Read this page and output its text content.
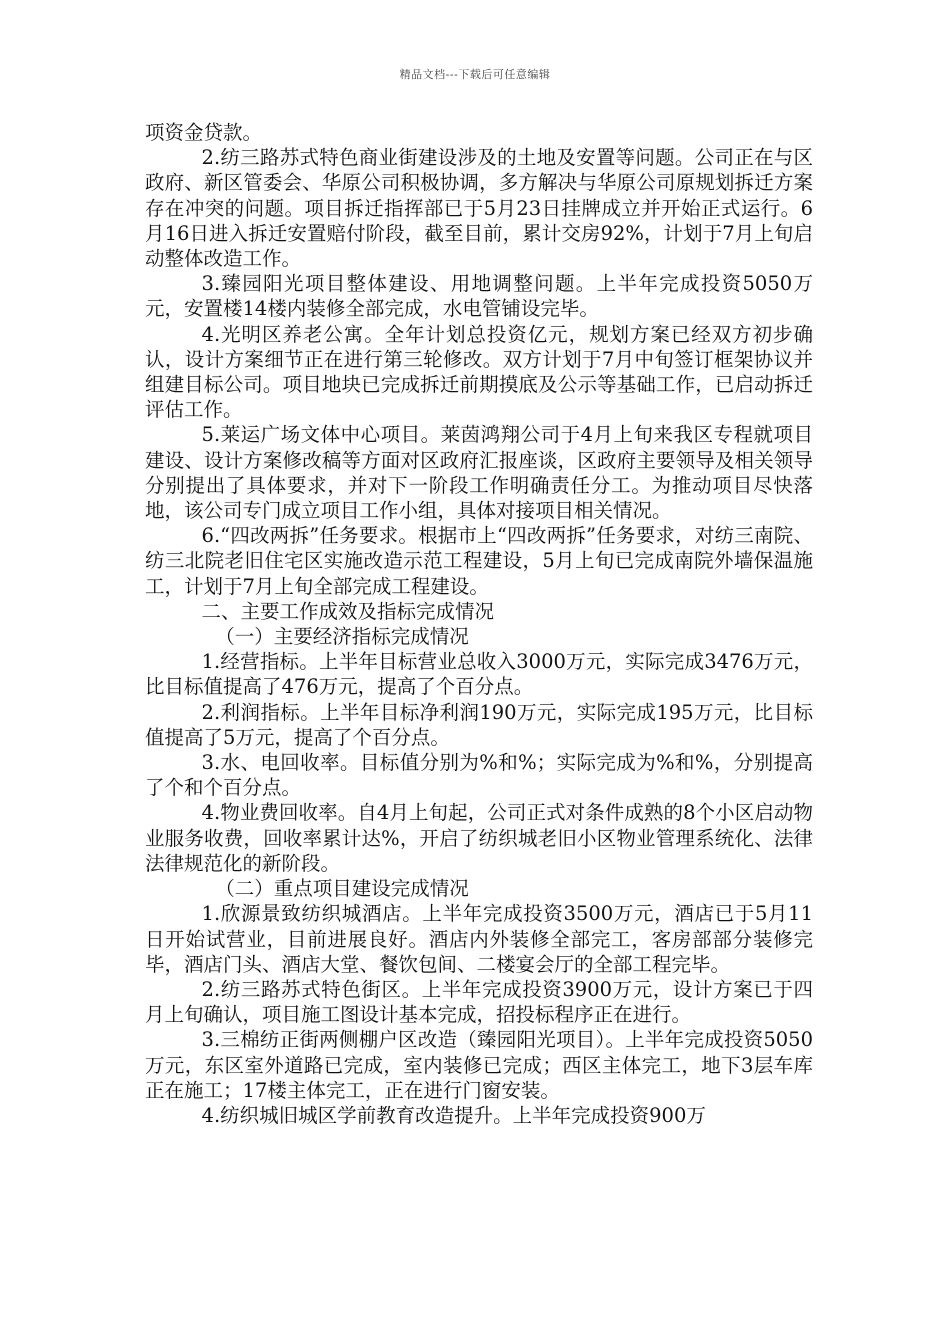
精品文档---下载后可任意编辑

项资金贷款。

2.纺三路苏式特色商业街建设涉及的土地及安置等问题。公司正在与区政府、新区管委会、华原公司积极协调，多方解决与华原公司原规划拆迁方案存在冲突的问题。项目拆迁指挥部已于5月23日挂牌成立并开始正式运行。6月16日进入拆迁安置赔付阶段，截至目前，累计交房92%，计划于7月上旬启动整体改造工作。

3.臻园阳光项目整体建设、用地调整问题。上半年完成投资5050万元，安置楼14楼内装修全部完成，水电管铺设完毕。

4.光明区养老公寓。全年计划总投资亿元，规划方案已经双方初步确认，设计方案细节正在进行第三轮修改。双方计划于7月中旬签订框架协议并组建目标公司。项目地块已完成拆迁前期摸底及公示等基础工作，已启动拆迁评估工作。

5.莱运广场文体中心项目。莱茵鸿翔公司于4月上旬来我区专程就项目建设、设计方案修改稿等方面对区政府汇报座谈，区政府主要领导及相关领导分别提出了具体要求，并对下一阶段工作明确责任分工。为推动项目尽快落地，该公司专门成立项目工作小组，具体对接项目相关情况。

6.“四改两拆”任务要求。根据市上“四改两拆”任务要求，对纺三南院、纺三北院老旧住宅区实施改造示范工程建设，5月上旬已完成南院外墙保温施工，计划于7月上旬全部完成工程建设。

二、主要工作成效及指标完成情况

（一）主要经济指标完成情况

1.经营指标。上半年目标营业总收入3000万元，实际完成3476万元，比目标值提高了476万元，提高了个百分点。

2.利润指标。上半年目标净利润190万元，实际完成195万元，比目标值提高了5万元，提高了个百分点。

3.水、电回收率。目标值分别为%和%；实际完成为%和%，分别提高了个和个百分点。

4.物业费回收率。自4月上旬起，公司正式对条件成熟的8个小区启动物业服务收费，回收率累计达%，开启了纺织城老旧小区物业管理系统化、法律法律规范化的新阶段。

（二）重点项目建设完成情况

1.欣源景致纺织城酒店。上半年完成投资3500万元，酒店已于5月11日开始试营业，目前进展良好。酒店内外装修全部完工，客房部部分装修完毕，酒店门头、酒店大堂、餐饮包间、二楼宴会厅的全部工程完毕。

2.纺三路苏式特色街区。上半年完成投资3900万元，设计方案已于四月上旬确认，项目施工图设计基本完成，招投标程序正在进行。

3.三棉纺正街两侧棚户区改造（臻园阳光项目）。上半年完成投资5050万元，东区室外道路已完成，室内装修已完成；西区主体完工，地下3层车库正在施工；17楼主体完工，正在进行门窗安装。

4.纺织城旧城区学前教育改造提升。上半年完成投资900万
